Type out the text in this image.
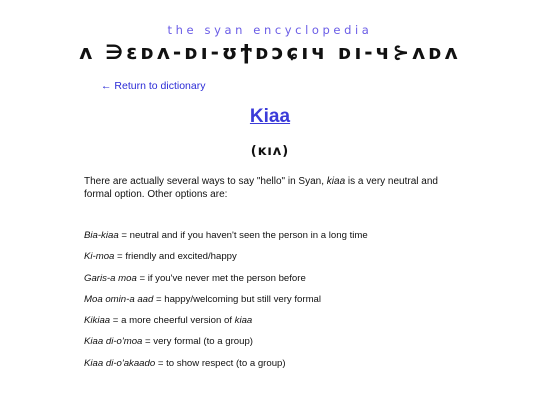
the syan encyclopedia
ʌ ∋ɛᴅʌ-ᴅı-ʊϯᴅɔɕıч ᴅı-ч⊱ʌᴅʌ
← Return to dictionary
Kiaa
(ĸıʌ)

There are actually several ways to say "hello" in Syan, kiaa is a very neutral and formal option. Other options are:

Bia-kiaa = neutral and if you haven't seen the person in a long time
Ki-moa = friendly and excited/happy
Garis-a moa = if you've never met the person before
Moa omin-a aad = happy/welcoming but still very formal
Kikiaa = a more cheerful version of kiaa
Kiaa di-o'moa = very formal (to a group)
Kiaa di-o'akaado = to show respect (to a group)
